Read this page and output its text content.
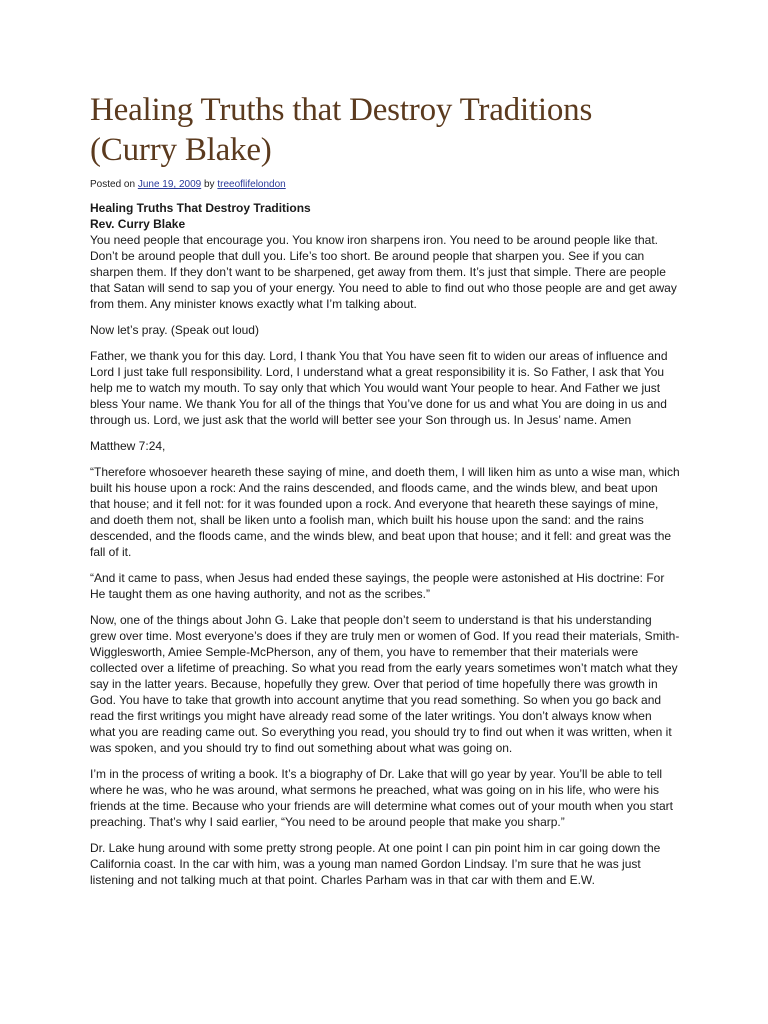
Healing Truths that Destroy Traditions (Curry Blake)
Posted on June 19, 2009 by treeoflifelondon
Healing Truths That Destroy Traditions
Rev. Curry Blake

You need people that encourage you. You know iron sharpens iron. You need to be around people like that. Don’t be around people that dull you. Life’s too short. Be around people that sharpen you. See if you can sharpen them. If they don’t want to be sharpened, get away from them. It’s just that simple. There are people that Satan will send to sap you of your energy. You need to able to find out who those people are and get away from them. Any minister knows exactly what I’m talking about.

Now let’s pray. (Speak out loud)

Father, we thank you for this day. Lord, I thank You that You have seen fit to widen our areas of influence and Lord I just take full responsibility. Lord, I understand what a great responsibility it is. So Father, I ask that You help me to watch my mouth. To say only that which You would want Your people to hear. And Father we just bless Your name. We thank You for all of the things that You’ve done for us and what You are doing in us and through us. Lord, we just ask that the world will better see your Son through us. In Jesus’ name. Amen

Matthew 7:24,

“Therefore whosoever heareth these saying of mine, and doeth them, I will liken him as unto a wise man, which built his house upon a rock: And the rains descended, and floods came, and the winds blew, and beat upon that house; and it fell not: for it was founded upon a rock. And everyone that heareth these sayings of mine, and doeth them not, shall be liken unto a foolish man, which built his house upon the sand: and the rains descended, and the floods came, and the winds blew, and beat upon that house; and it fell: and great was the fall of it.

“And it came to pass, when Jesus had ended these sayings, the people were astonished at His doctrine: For He taught them as one having authority, and not as the scribes.”

Now, one of the things about John G. Lake that people don’t seem to understand is that his understanding grew over time. Most everyone’s does if they are truly men or women of God. If you read their materials, Smith-Wigglesworth, Amiee Semple-McPherson, any of them, you have to remember that their materials were collected over a lifetime of preaching. So what you read from the early years sometimes won’t match what they say in the latter years. Because, hopefully they grew. Over that period of time hopefully there was growth in God. You have to take that growth into account anytime that you read something. So when you go back and read the first writings you might have already read some of the later writings. You don’t always know when what you are reading came out. So everything you read, you should try to find out when it was written, when it was spoken, and you should try to find out something about what was going on.

I’m in the process of writing a book. It’s a biography of Dr. Lake that will go year by year. You’ll be able to tell where he was, who he was around, what sermons he preached, what was going on in his life, who were his friends at the time. Because who your friends are will determine what comes out of your mouth when you start preaching. That’s why I said earlier, “You need to be around people that make you sharp.”

Dr. Lake hung around with some pretty strong people. At one point I can pin point him in car going down the California coast. In the car with him, was a young man named Gordon Lindsay. I’m sure that he was just listening and not talking much at that point. Charles Parham was in that car with them and E.W.
